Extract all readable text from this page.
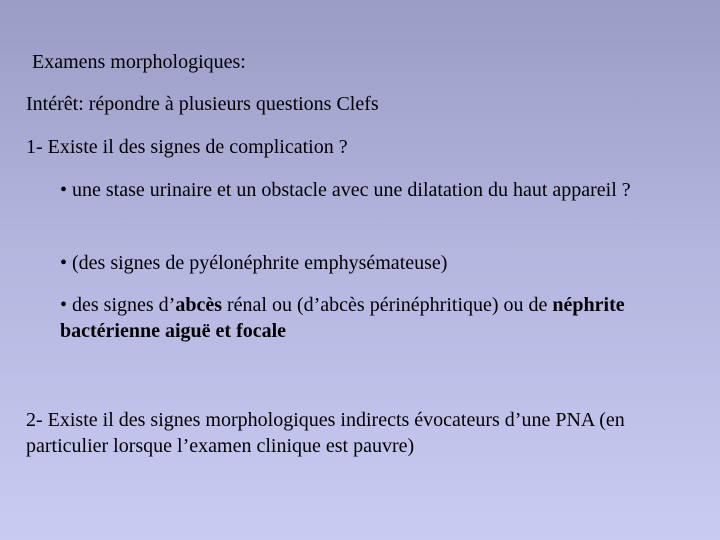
Examens morphologiques:
Intérêt: répondre à plusieurs questions Clefs
1- Existe il des signes de complication ?
• une stase urinaire et un obstacle avec une dilatation du haut appareil ?
• (des signes de pyélonéphrite emphysémateuse)
• des signes d’abcès rénal ou (d’abcès périnéphritique) ou de néphrite bactérienne aiguë et focale
2- Existe il des signes morphologiques indirects évocateurs d’une PNA (en particulier lorsque l’examen clinique est pauvre)
